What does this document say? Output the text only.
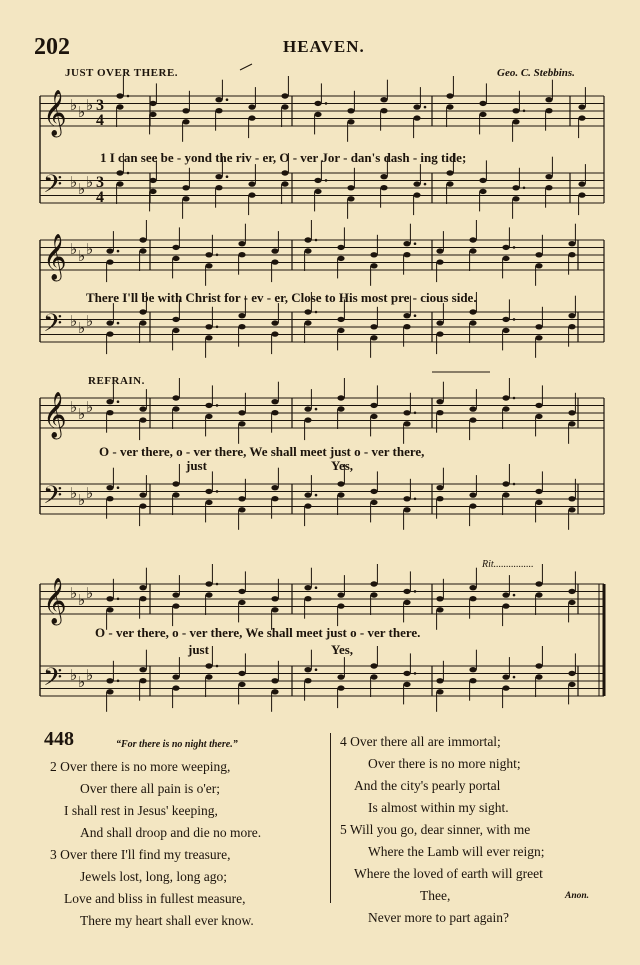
202	HEAVEN.
JUST OVER THERE.	Geo. C. Stebbins.
𝄞 ♭ ♭ ♭ 3
4
𝄢 ♭ ♭ ♭ 3
4
𝄞 ♭ ♭ ♭
𝄢 ♭ ♭ ♭
𝄞 ♭ ♭ ♭
𝄢 ♭ ♭ ♭
𝄞 ♭ ♭ ♭
𝄢 ♭ ♭ ♭
1 I can see be - yond the riv - er, O - ver Jor - dan's dash - ing tide;
There I'll be with Christ for - ev - er, Close to His most pre - cious side.
REFRAIN.
O - ver there, o - ver there, We shall meet just o - ver there,
just	Yes,
Rit................
O - ver there, o - ver there, We shall meet just o - ver there.
just	Yes,
448	“For there is no night there.”
2 Over there is no more weeping,
Over there all pain is o'er;
I shall rest in Jesus' keeping,
And shall droop and die no more.
3 Over there I'll find my treasure,
Jewels lost, long, long ago;
Love and bliss in fullest measure,
There my heart shall ever know.
4 Over there all are immortal;
Over there is no more night;
And the city's pearly portal
Is almost within my sight.
5 Will you go, dear sinner, with me
Where the Lamb will ever reign;
Where the loved of earth will greet
Thee,
Never more to part again?
Anon.
